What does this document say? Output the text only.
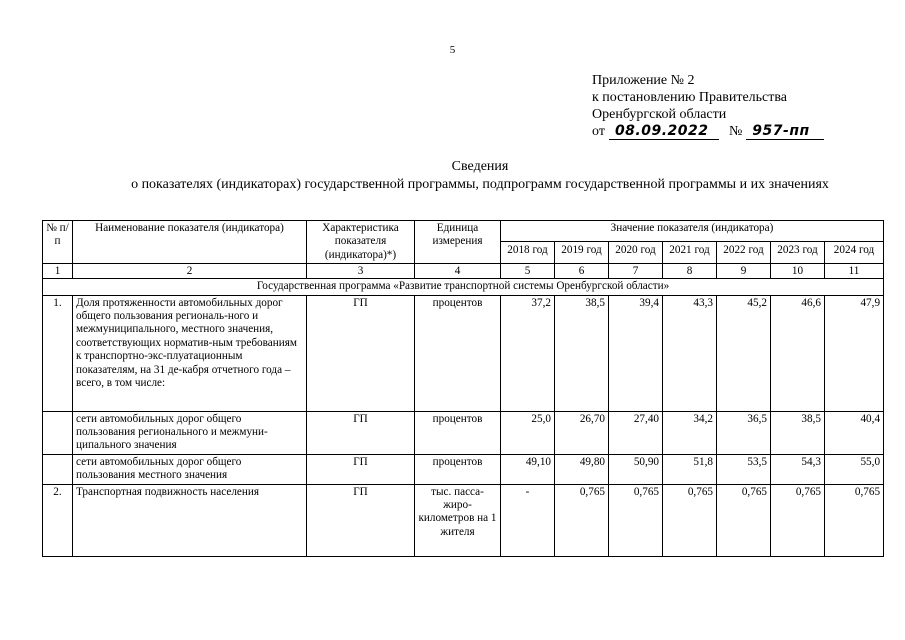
5
Приложение № 2
к постановлению Правительства
Оренбургской области
от 08.09.2022	№ 957-пп
Сведения
о показателях (индикаторах) государственной программы, подпрограмм государственной программы и их значениях
№ п/п	Наименование показателя (индикатора)	Характеристика показателя (индикатора)*)	Единица измерения	Значение показателя (индикатора)						
				2018 год	2019 год	2020 год	2021 год	2022 год	2023 год	2024 год
1	2	3	4	5	6	7	8	9	10	11
Государственная программа «Развитие транспортной системы Оренбургской области»										
1.	Доля протяженности автомобильных дорог общего пользования региональ-ного и межмуниципального, местного значения, соответствующих норматив-ным требованиям к транспортно-экс-плуатационным показателям, на 31 де-кабря отчетного года – всего, в том числе:	ГП	процентов	37,2	38,5	39,4	43,3	45,2	46,6	47,9
	сети автомобильных дорог общего пользования регионального и межмуни-ципального значения	ГП	процентов	25,0	26,70	27,40	34,2	36,5	38,5	40,4
	сети автомобильных дорог общего пользования местного значения	ГП	процентов	49,10	49,80	50,90	51,8	53,5	54,3	55,0
2.	Транспортная подвижность населения	ГП	тыс. пасса-жиро-километров на 1 жителя	-	0,765	0,765	0,765	0,765	0,765	0,765
